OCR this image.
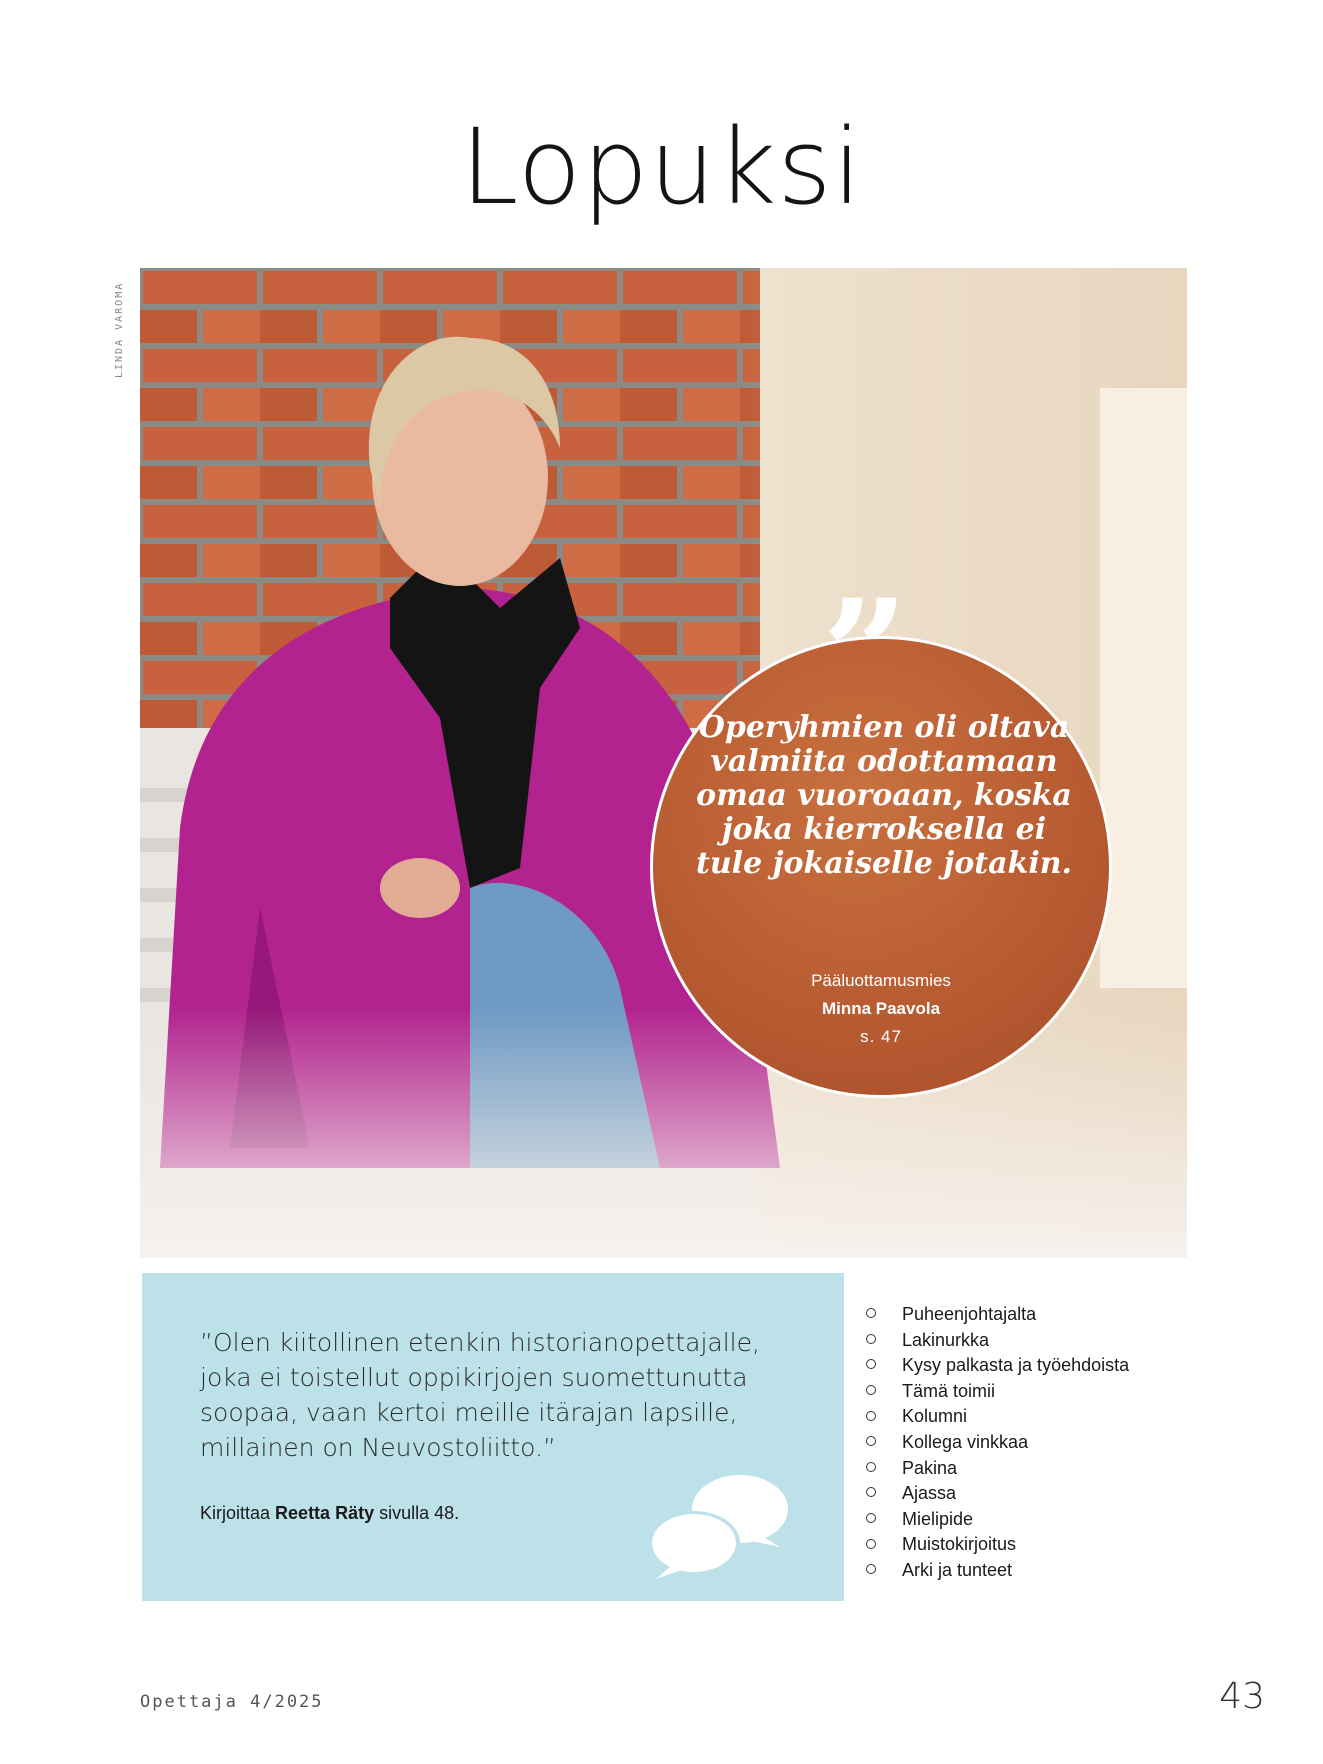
Lopuksi
LINDA VAROMA

Operyhmien oli oltava valmiita odottamaan omaa vuoroaan, koska joka kierroksella ei tule jokaiselle jotakin.

Pääluottamusmies
Minna Paavola
s. 47

”Olen kiitollinen etenkin historianopettajalle, joka ei toistellut oppikirjojen suomettunutta soopaa, vaan kertoi meille itärajan lapsille, millainen on Neuvostoliitto.”

Kirjoittaa Reetta Räty sivulla 48.
Puheenjohtajalta
Lakinurkka
Kysy palkasta ja työehdoista
Tämä toimii
Kolumni
Kollega vinkkaa
Pakina
Ajassa
Mielipide
Muistokirjoitus
Arki ja tunteet
Opettaja 4/2025	43
